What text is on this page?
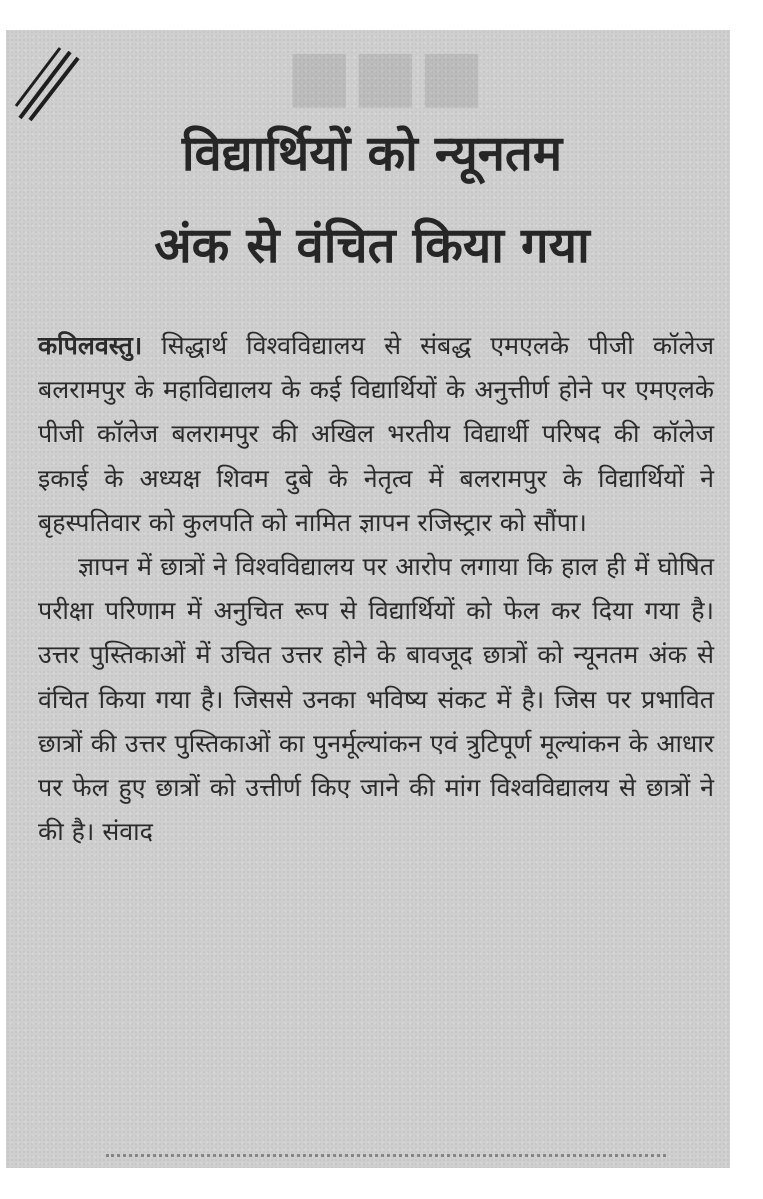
■■■
विद्यार्थियों को न्यूनतम
अंक से वंचित किया गया

कपिलवस्तु। सिद्धार्थ विश्वविद्यालय से संबद्ध एमएलके पीजी कॉलेज बलरामपुर के महाविद्यालय के कई विद्यार्थियों के अनुत्तीर्ण होने पर एमएलके पीजी कॉलेज बलरामपुर की अखिल भरतीय विद्यार्थी परिषद की कॉलेज इकाई के अध्यक्ष शिवम दुबे के नेतृत्व में बलरामपुर के विद्यार्थियों ने बृहस्पतिवार को कुलपति को नामित ज्ञापन रजिस्ट्रार को सौंपा।

ज्ञापन में छात्रों ने विश्वविद्यालय पर आरोप लगाया कि हाल ही में घोषित परीक्षा परिणाम में अनुचित रूप से विद्यार्थियों को फेल कर दिया गया है। उत्तर पुस्तिकाओं में उचित उत्तर होने के बावजूद छात्रों को न्यूनतम अंक से वंचित किया गया है। जिससे उनका भविष्य संकट में है। जिस पर प्रभावित छात्रों की उत्तर पुस्तिकाओं का पुनर्मूल्यांकन एवं त्रुटिपूर्ण मूल्यांकन के आधार पर फेल हुए छात्रों को उत्तीर्ण किए जाने की मांग विश्वविद्यालय से छात्रों ने की है। संवाद
